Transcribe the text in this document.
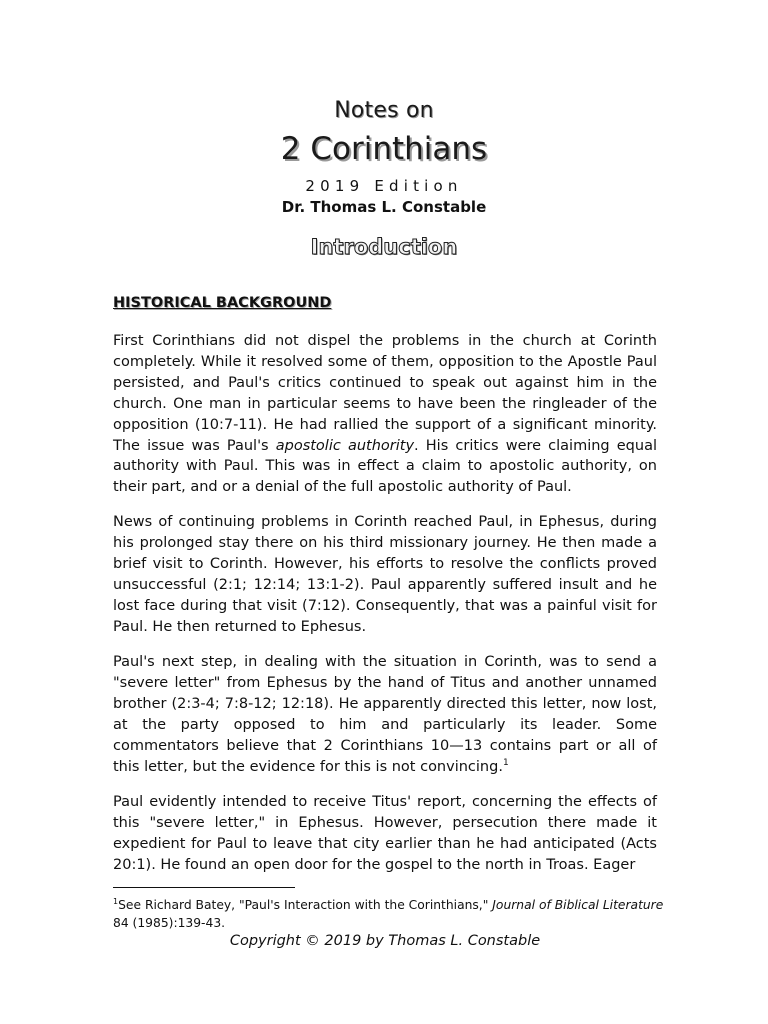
Notes on
2 Corinthians
2019 Edition
Dr. Thomas L. Constable
Introduction
HISTORICAL BACKGROUND

First Corinthians did not dispel the problems in the church at Corinth completely. While it resolved some of them, opposition to the Apostle Paul persisted, and Paul's critics continued to speak out against him in the church. One man in particular seems to have been the ringleader of the opposition (10:7-11). He had rallied the support of a significant minority. The issue was Paul's apostolic authority. His critics were claiming equal authority with Paul. This was in effect a claim to apostolic authority, on their part, and or a denial of the full apostolic authority of Paul.

News of continuing problems in Corinth reached Paul, in Ephesus, during his prolonged stay there on his third missionary journey. He then made a brief visit to Corinth. However, his efforts to resolve the conflicts proved unsuccessful (2:1; 12:14; 13:1-2). Paul apparently suffered insult and he lost face during that visit (7:12). Consequently, that was a painful visit for Paul. He then returned to Ephesus.

Paul's next step, in dealing with the situation in Corinth, was to send a "severe letter" from Ephesus by the hand of Titus and another unnamed brother (2:3-4; 7:8-12; 12:18). He apparently directed this letter, now lost, at the party opposed to him and particularly its leader. Some commentators believe that 2 Corinthians 10—13 contains part or all of this letter, but the evidence for this is not convincing.$^1$

Paul evidently intended to receive Titus' report, concerning the effects of this "severe letter," in Ephesus. However, persecution there made it expedient for Paul to leave that city earlier than he had anticipated (Acts 20:1). He found an open door for the gospel to the north in Troas. Eager

$^1$See Richard Batey, "Paul's Interaction with the Corinthians," Journal of Biblical Literature 84 (1985):139-43.
Copyright © 2019 by Thomas L. Constable
